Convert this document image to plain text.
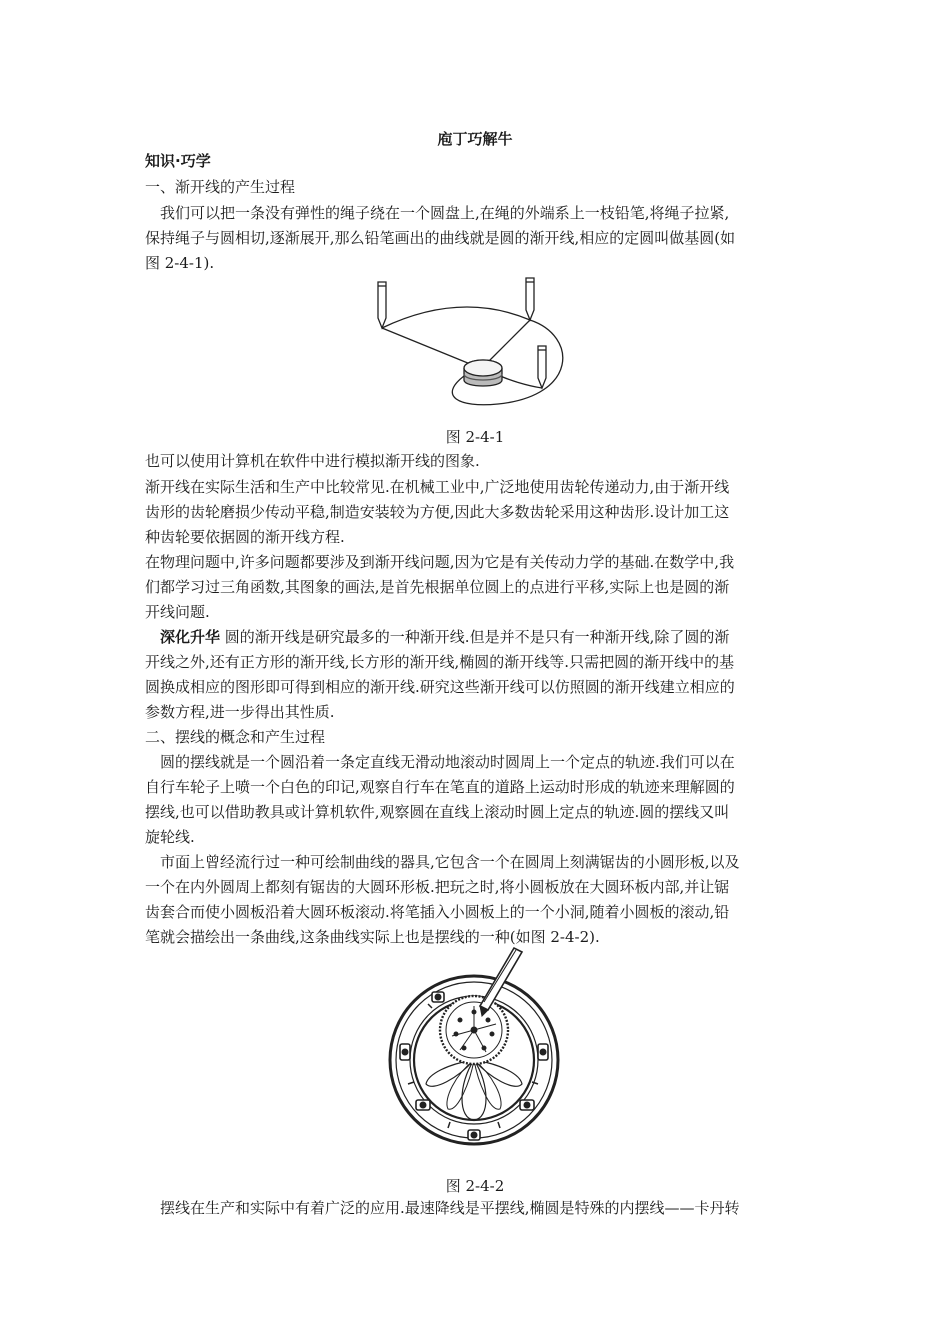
庖丁巧解牛
知识·巧学
一、渐开线的产生过程
　我们可以把一条没有弹性的绳子绕在一个圆盘上,在绳的外端系上一枝铅笔,将绳子拉紧,
保持绳子与圆相切,逐渐展开,那么铅笔画出的曲线就是圆的渐开线,相应的定圆叫做基圆(如
图 2-4-1).
图 2-4-1
也可以使用计算机在软件中进行模拟渐开线的图象.
渐开线在实际生活和生产中比较常见.在机械工业中,广泛地使用齿轮传递动力,由于渐开线
齿形的齿轮磨损少传动平稳,制造安装较为方便,因此大多数齿轮采用这种齿形.设计加工这
种齿轮要依据圆的渐开线方程.
在物理问题中,许多问题都要涉及到渐开线问题,因为它是有关传动力学的基础.在数学中,我
们都学习过三角函数,其图象的画法,是首先根据单位圆上的点进行平移,实际上也是圆的渐
开线问题.
　深化升华 圆的渐开线是研究最多的一种渐开线.但是并不是只有一种渐开线,除了圆的渐
开线之外,还有正方形的渐开线,长方形的渐开线,椭圆的渐开线等.只需把圆的渐开线中的基
圆换成相应的图形即可得到相应的渐开线.研究这些渐开线可以仿照圆的渐开线建立相应的
参数方程,进一步得出其性质.
二、摆线的概念和产生过程
　圆的摆线就是一个圆沿着一条定直线无滑动地滚动时圆周上一个定点的轨迹.我们可以在
自行车轮子上喷一个白色的印记,观察自行车在笔直的道路上运动时形成的轨迹来理解圆的
摆线,也可以借助教具或计算机软件,观察圆在直线上滚动时圆上定点的轨迹.圆的摆线又叫
旋轮线.
　市面上曾经流行过一种可绘制曲线的器具,它包含一个在圆周上刻满锯齿的小圆形板,以及
一个在内外圆周上都刻有锯齿的大圆环形板.把玩之时,将小圆板放在大圆环板内部,并让锯
齿套合而使小圆板沿着大圆环板滚动.将笔插入小圆板上的一个小洞,随着小圆板的滚动,铅
笔就会描绘出一条曲线,这条曲线实际上也是摆线的一种(如图 2-4-2).
图 2-4-2
　摆线在生产和实际中有着广泛的应用.最速降线是平摆线,椭圆是特殊的内摆线——卡丹转
